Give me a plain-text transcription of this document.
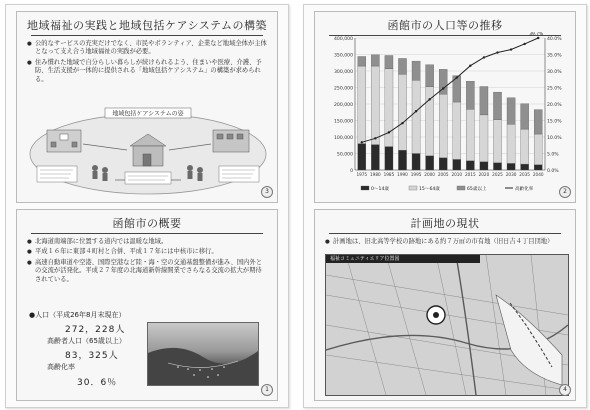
地域福祉の実践と地域包括ケアシステムの構築
● 公的なサービスの充実だけでなく、市民やボランティア、企業など地域全体が主体となって支え合う地域福祉の実践が必要。
● 住み慣れた地域で自分らしい暮らしが続けられるよう、住まいや医療、介護、予防、生活支援が一体的に提供される「地域包括ケアシステム」の構築が求められる。
地域包括ケアシステムの姿
3
函館市の概要
● 北海道南端部に位置する道内では温暖な地域。
● 平成１６年に東部４町村と合併、平成１７年には中核市に移行。
● 高速自動車道や空港、国際空港など陸・海・空の交通基盤整備が進み、国内外との交流が活発化。平成２７年度の北海道新幹線開業でさらなる交流の拡大が期待されている。
●人口（平成26年8月末現在）
272，228人
高齢者人口（65歳以上）
83，325人
高齢化率
30．6％
1
函館市の人口等の推移
0
50,000
100,000
150,000
200,000
250,000
300,000
350,000
400,000
0.0%
5.0%
10.0%
15.0%
20.0%
25.0%
30.0%
35.0%
40.0%
1975 1980 1985 1990 1995 2000 2005 2010 2015 2020 2025 2030 2035 2040
39.7%
0～14歳	15～64歳	65歳以上	高齢化率	2
計画地の現状
● 計画地は、旧北高等学校の跡地にある約７万㎡の市有地（旧日吉４丁目団地）
福祉コミュニティエリア位置図
4
